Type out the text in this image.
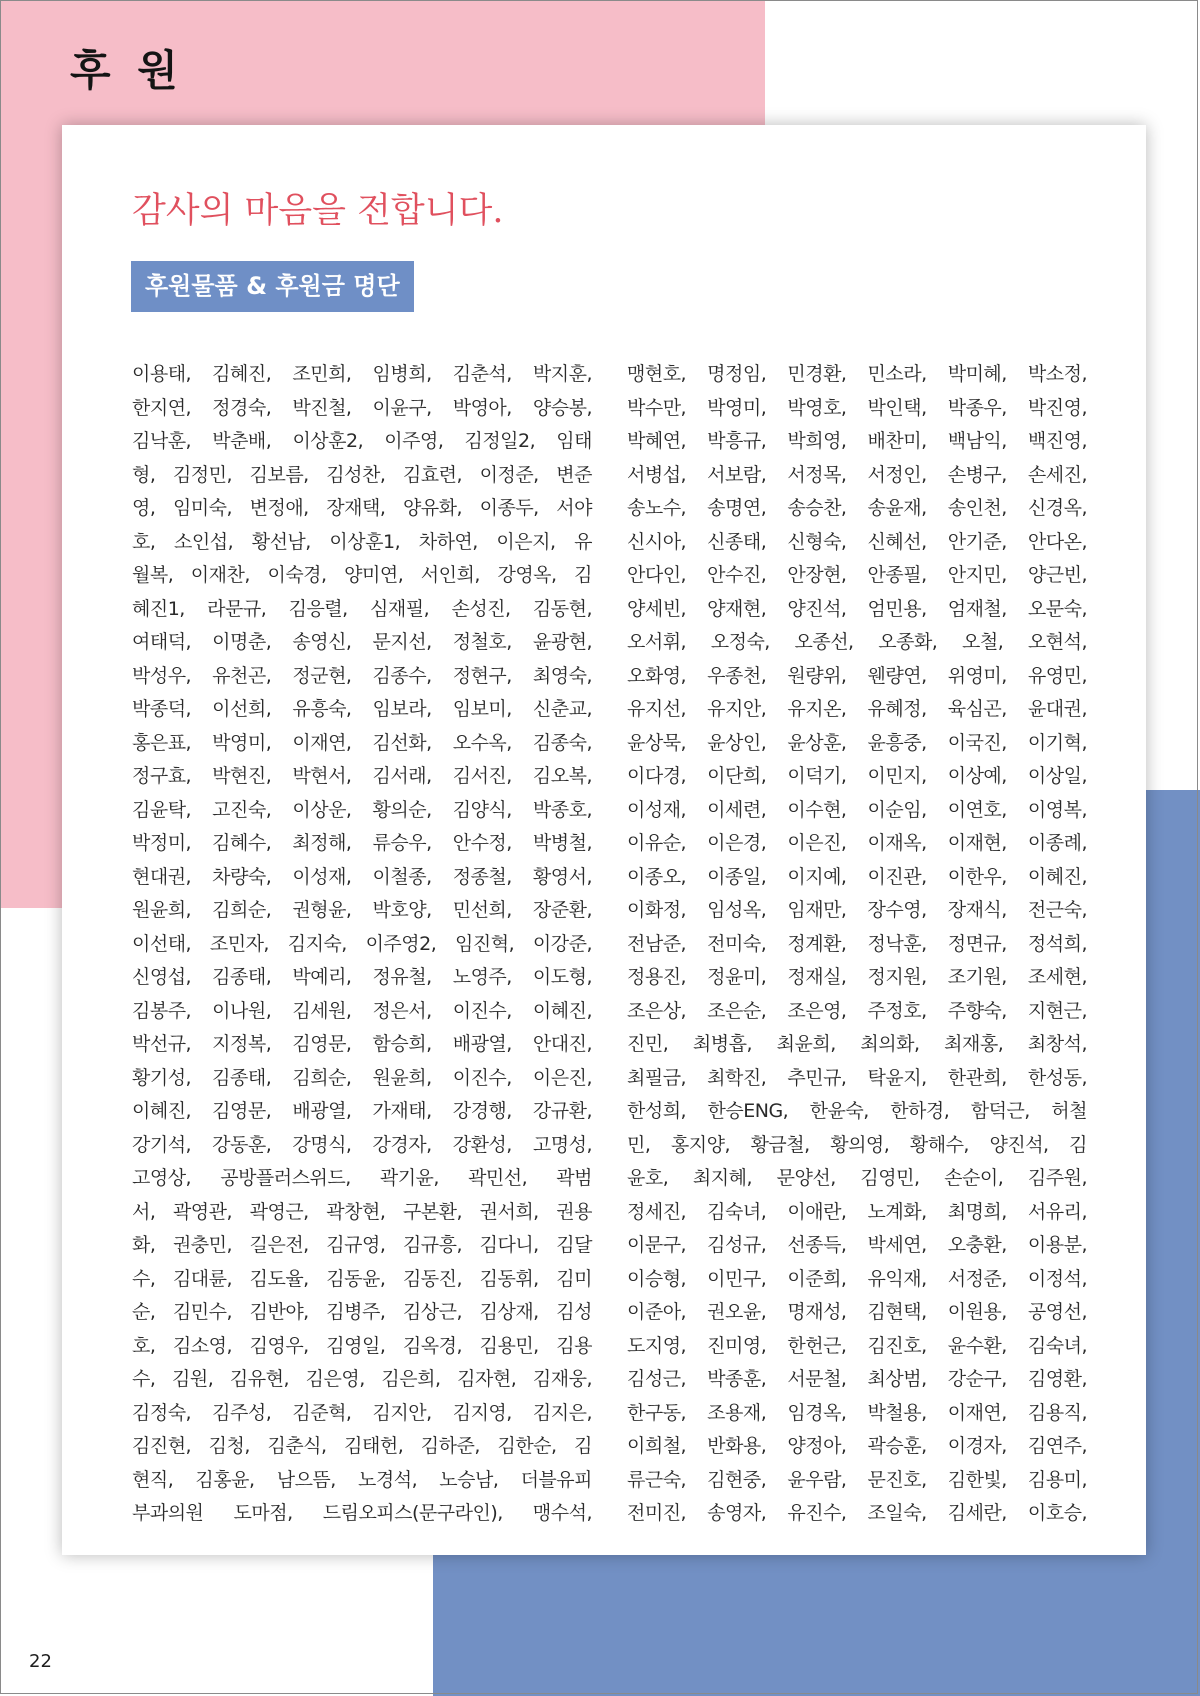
후 원
감사의 마음을 전합니다.
후원물품 & 후원금 명단
이용태, 김혜진, 조민희, 임병희, 김춘석, 박지훈,
한지연, 정경숙, 박진철, 이윤구, 박영아, 양승봉,
김낙훈, 박춘배, 이상훈2, 이주영, 김정일2, 임태
형, 김정민, 김보름, 김성찬, 김효련, 이정준, 변준
영, 임미숙, 변정애, 장재택, 양유화, 이종두, 서야
호, 소인섭, 황선남, 이상훈1, 차하연, 이은지, 유
월복, 이재찬, 이숙경, 양미연, 서인희, 강영옥, 김
혜진1, 라문규, 김응렬, 심재필, 손성진, 김동현,
여태덕, 이명춘, 송영신, 문지선, 정철호, 윤광현,
박성우, 유천곤, 정군현, 김종수, 정현구, 최영숙,
박종덕, 이선희, 유흥숙, 임보라, 임보미, 신춘교,
홍은표, 박영미, 이재연, 김선화, 오수옥, 김종숙,
정구효, 박현진, 박현서, 김서래, 김서진, 김오복,
김윤탁, 고진숙, 이상운, 황의순, 김양식, 박종호,
박정미, 김혜수, 최정해, 류승우, 안수정, 박병철,
현대권, 차량숙, 이성재, 이철종, 정종철, 황영서,
원윤희, 김희순, 권형윤, 박호양, 민선희, 장준환,
이선태, 조민자, 김지숙, 이주영2, 임진혁, 이강준,
신영섭, 김종태, 박예리, 정유철, 노영주, 이도형,
김봉주, 이나원, 김세원, 정은서, 이진수, 이혜진,
박선규, 지정복, 김영문, 함승희, 배광열, 안대진,
황기성, 김종태, 김희순, 원윤희, 이진수, 이은진,
이혜진, 김영문, 배광열, 가재태, 강경행, 강규환,
강기석, 강동훈, 강명식, 강경자, 강환성, 고명성,
고영상, 공방플러스위드, 곽기윤, 곽민선, 곽범
서, 곽영관, 곽영근, 곽창현, 구본환, 권서희, 권용
화, 권충민, 길은전, 김규영, 김규흥, 김다니, 김달
수, 김대륜, 김도율, 김동윤, 김동진, 김동휘, 김미
순, 김민수, 김반야, 김병주, 김상근, 김상재, 김성
호, 김소영, 김영우, 김영일, 김옥경, 김용민, 김용
수, 김원, 김유현, 김은영, 김은희, 김자현, 김재웅,
김정숙, 김주성, 김준혁, 김지안, 김지영, 김지은,
김진현, 김청, 김춘식, 김태헌, 김하준, 김한순, 김
현직, 김홍윤, 남으뜸, 노경석, 노승남, 더블유피
부과의원 도마점, 드림오피스(문구라인), 맹수석,
맹현호, 명정임, 민경환, 민소라, 박미혜, 박소정,
박수만, 박영미, 박영호, 박인택, 박종우, 박진영,
박혜연, 박흥규, 박희영, 배찬미, 백남익, 백진영,
서병섭, 서보람, 서정목, 서정인, 손병구, 손세진,
송노수, 송명연, 송승찬, 송윤재, 송인천, 신경옥,
신시아, 신종태, 신형숙, 신혜선, 안기준, 안다온,
안다인, 안수진, 안장현, 안종필, 안지민, 양근빈,
양세빈, 양재현, 양진석, 엄민용, 엄재철, 오문숙,
오서휘, 오정숙, 오종선, 오종화, 오철, 오현석,
오화영, 우종천, 원량위, 웬량연, 위영미, 유영민,
유지선, 유지안, 유지온, 유혜정, 육심곤, 윤대권,
윤상묵, 윤상인, 윤상훈, 윤흥중, 이국진, 이기혁,
이다경, 이단희, 이덕기, 이민지, 이상예, 이상일,
이성재, 이세련, 이수현, 이순임, 이연호, 이영복,
이유순, 이은경, 이은진, 이재옥, 이재현, 이종례,
이종오, 이종일, 이지예, 이진관, 이한우, 이혜진,
이화정, 임성옥, 임재만, 장수영, 장재식, 전근숙,
전남준, 전미숙, 정계환, 정낙훈, 정면규, 정석희,
정용진, 정윤미, 정재실, 정지원, 조기원, 조세현,
조은상, 조은순, 조은영, 주정호, 주향숙, 지현근,
진민, 최병흡, 최윤희, 최의화, 최재홍, 최창석,
최필금, 최학진, 추민규, 탁윤지, 한관희, 한성동,
한성희, 한승ENG, 한윤숙, 한하경, 함덕근, 허철
민, 홍지양, 황금철, 황의영, 황해수, 양진석, 김
윤호, 최지혜, 문양선, 김영민, 손순이, 김주원,
정세진, 김숙녀, 이애란, 노계화, 최명희, 서유리,
이문구, 김성규, 선종득, 박세연, 오충환, 이용분,
이승형, 이민구, 이준희, 유익재, 서정준, 이정석,
이준아, 권오윤, 명재성, 김현택, 이원용, 공영선,
도지영, 진미영, 한헌근, 김진호, 윤수환, 김숙녀,
김성근, 박종훈, 서문철, 최상범, 강순구, 김영환,
한구동, 조용재, 임경옥, 박철용, 이재연, 김용직,
이희철, 반화용, 양정아, 곽승훈, 이경자, 김연주,
류근숙, 김현중, 윤우람, 문진호, 김한빛, 김용미,
전미진, 송영자, 유진수, 조일숙, 김세란, 이호승,
22
